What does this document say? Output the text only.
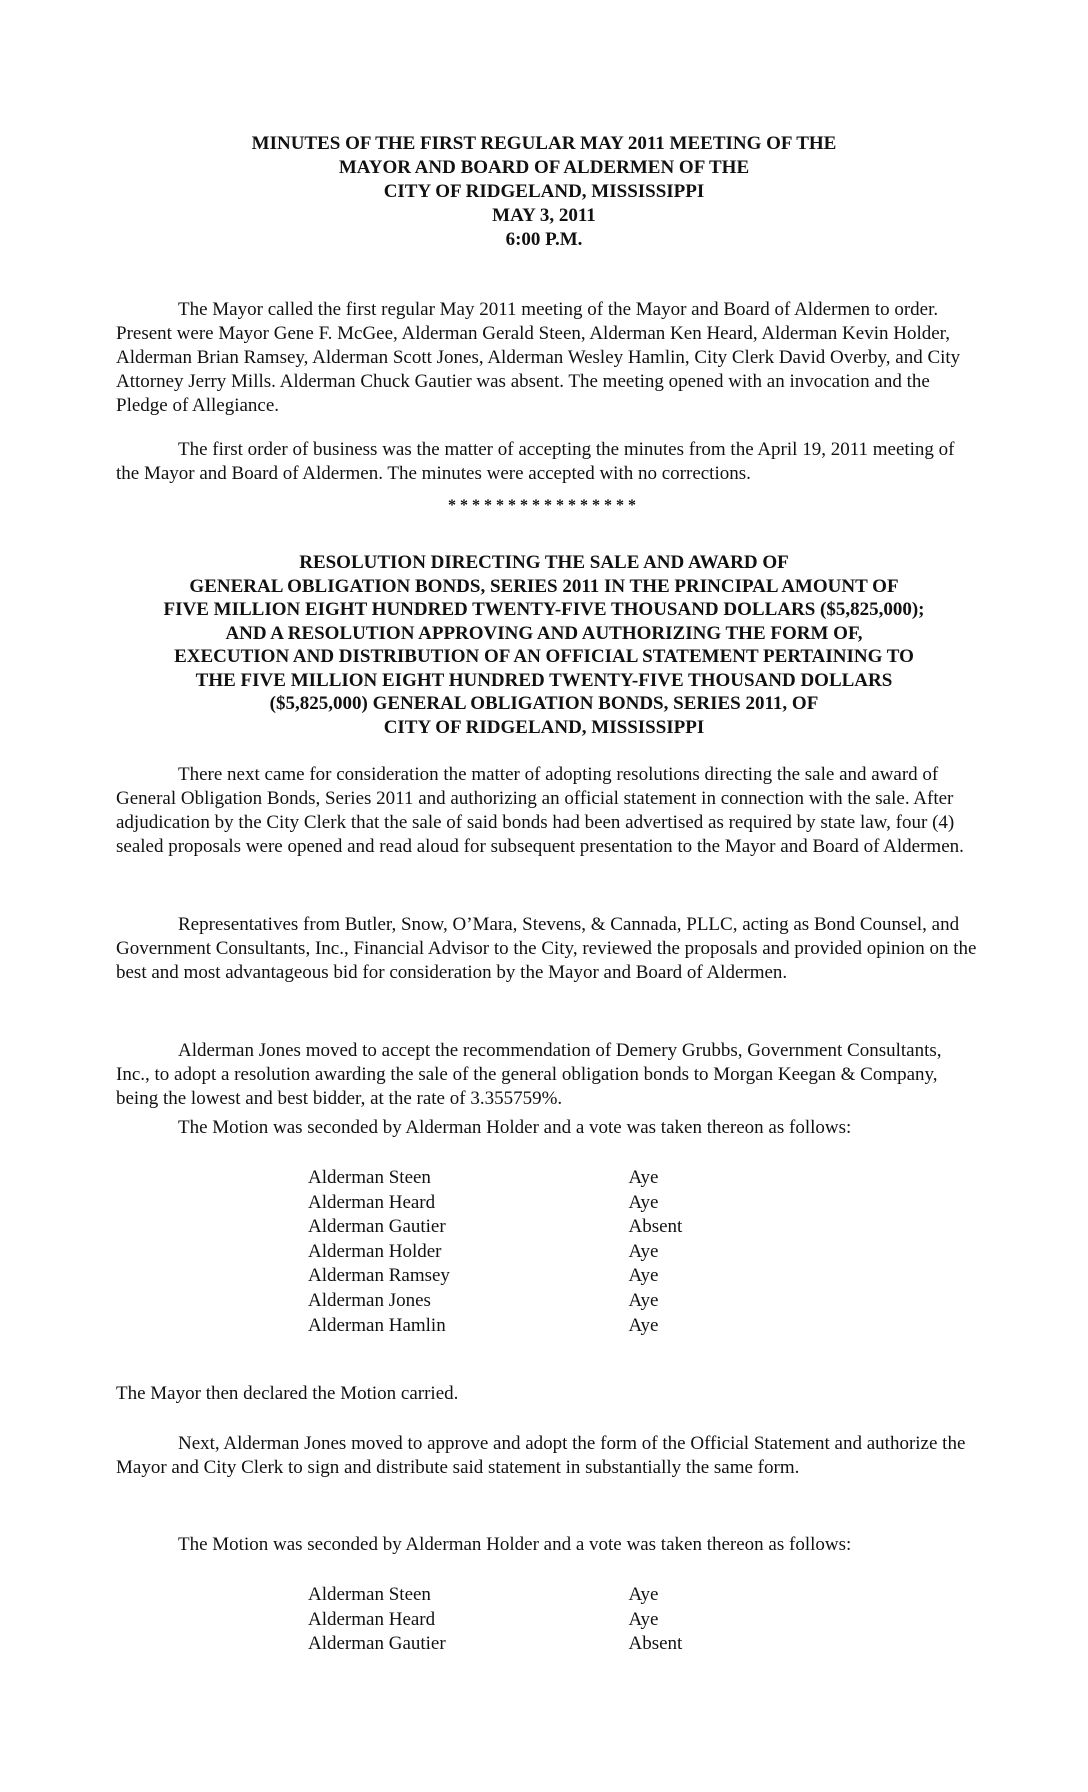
MINUTES OF THE FIRST REGULAR MAY 2011 MEETING OF THE
MAYOR AND BOARD OF ALDERMEN OF THE
CITY OF RIDGELAND, MISSISSIPPI
MAY 3, 2011
6:00 P.M.
The Mayor called the first regular May 2011 meeting of the Mayor and Board of Aldermen to order. Present were Mayor Gene F. McGee, Alderman Gerald Steen, Alderman Ken Heard, Alderman Kevin Holder, Alderman Brian Ramsey, Alderman Scott Jones, Alderman Wesley Hamlin, City Clerk David Overby, and City Attorney Jerry Mills. Alderman Chuck Gautier was absent. The meeting opened with an invocation and the Pledge of Allegiance.
The first order of business was the matter of accepting the minutes from the April 19, 2011 meeting of the Mayor and Board of Aldermen. The minutes were accepted with no corrections.
****************
RESOLUTION DIRECTING THE SALE AND AWARD OF
GENERAL OBLIGATION BONDS, SERIES 2011 IN THE PRINCIPAL AMOUNT OF
FIVE MILLION EIGHT HUNDRED TWENTY-FIVE THOUSAND DOLLARS ($5,825,000);
AND A RESOLUTION APPROVING AND AUTHORIZING THE FORM OF,
EXECUTION AND DISTRIBUTION OF AN OFFICIAL STATEMENT PERTAINING TO
THE FIVE MILLION EIGHT HUNDRED TWENTY-FIVE THOUSAND DOLLARS
($5,825,000) GENERAL OBLIGATION BONDS, SERIES 2011, OF
CITY OF RIDGELAND, MISSISSIPPI
There next came for consideration the matter of adopting resolutions directing the sale and award of General Obligation Bonds, Series 2011 and authorizing an official statement in connection with the sale. After adjudication by the City Clerk that the sale of said bonds had been advertised as required by state law, four (4) sealed proposals were opened and read aloud for subsequent presentation to the Mayor and Board of Aldermen.
Representatives from Butler, Snow, O’Mara, Stevens, & Cannada, PLLC, acting as Bond Counsel, and Government Consultants, Inc., Financial Advisor to the City, reviewed the proposals and provided opinion on the best and most advantageous bid for consideration by the Mayor and Board of Aldermen.
Alderman Jones moved to accept the recommendation of Demery Grubbs, Government Consultants, Inc., to adopt a resolution awarding the sale of the general obligation bonds to Morgan Keegan & Company, being the lowest and best bidder, at the rate of 3.355759%.
The Motion was seconded by Alderman Holder and a vote was taken thereon as follows:
Alderman Steen	Aye
Alderman Heard	Aye
Alderman Gautier	Absent
Alderman Holder	Aye
Alderman Ramsey	Aye
Alderman Jones	Aye
Alderman Hamlin	Aye
The Mayor then declared the Motion carried.
Next, Alderman Jones moved to approve and adopt the form of the Official Statement and authorize the Mayor and City Clerk to sign and distribute said statement in substantially the same form.
The Motion was seconded by Alderman Holder and a vote was taken thereon as follows:
Alderman Steen	Aye
Alderman Heard	Aye
Alderman Gautier	Absent
